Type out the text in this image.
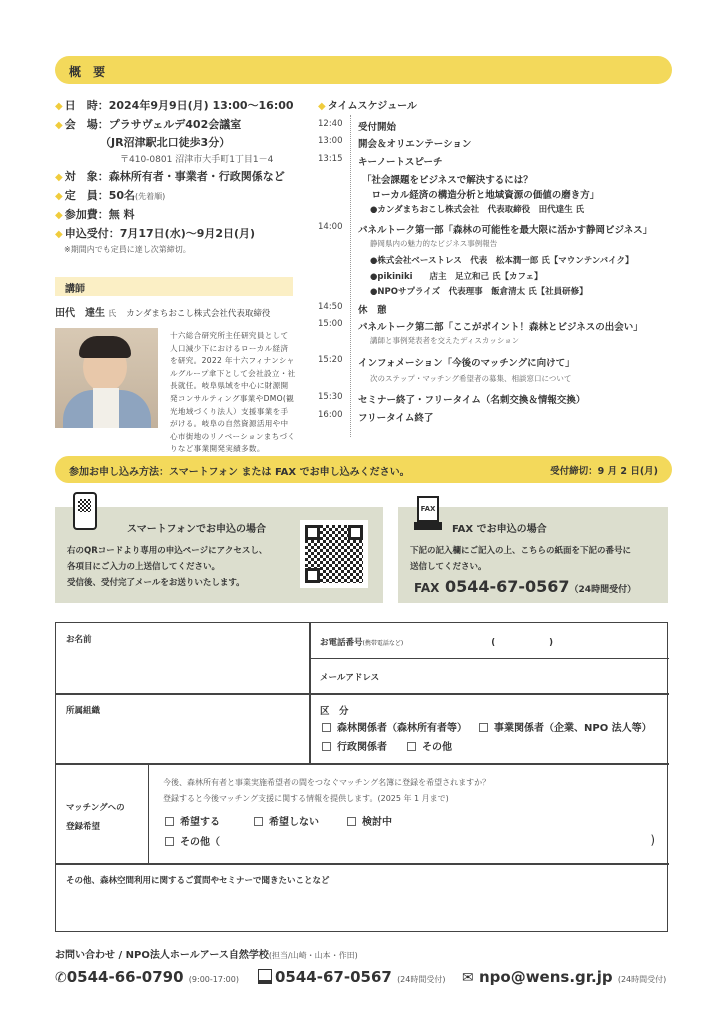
概 要
◆ 日　時：2024年9月9日(月) 13:00〜16:00
◆ 会　場：プラサヴェルデ402会議室
（JR沼津駅北口徒歩3分）
〒410-0801 沼津市大手町1丁目1－4
◆ 対　象：森林所有者・事業者・行政関係など
◆ 定　員：50名(先着順)
◆ 参加費：無 料
◆ 申込受付：7月17日(水)〜9月2日(月)
※期間内でも定員に達し次第締切。
講師
田代　達生 氏 カンダまちおこし株式会社代表取締役
十六総合研究所主任研究員として人口減少下におけるローカル経済を研究。2022 年十六フィナンシャルグループ傘下として会社設立・社長就任。岐阜県域を中心に財源開発コンサルティング事業やDMO(観光地域づくり法人）支援事業を手がける。岐阜の自然資源活用や中心市街地のリノベーションまちづくりなど事業開発実績多数。
◆ タイムスケジュール
12:40 受付開始
13:00 開会＆オリエンテーション
13:15 キーノートスピーチ
「社会課題をビジネスで解決するには？
　ローカル経済の構造分析と地域資源の価値の磨き方」
●カンダまちおこし株式会社　代表取締役　田代達生 氏
14:00 パネルトーク第一部「森林の可能性を最大限に活かす静岡ビジネス」
静岡県内の魅力的なビジネス事例報告
●株式会社ベーストレス　代表　松本潤一郎 氏【マウンテンバイク】
●pikiniki　　店主　足立和己 氏【カフェ】
●NPOサプライズ　代表理事　飯倉清太 氏【社員研修】
14:50 休　憩
15:00 パネルトーク第二部「ここがポイント！森林とビジネスの出会い」
講師と事例発表者を交えたディスカッション
15:20 インフォメーション「今後のマッチングに向けて」
次のステップ・マッチング希望者の募集、相談窓口について
15:30 セミナー終了・フリータイム（名刺交換＆情報交換）
16:00 フリータイム終了
参加お申し込み方法：スマートフォン または FAX でお申し込みください。	受付締切：9 月 2 日(月)
スマートフォンでお申込の場合
右のQRコードより専用の申込ページにアクセスし、
各項目にご入力の上送信してください。
受信後、受付完了メールをお送りいたします。
FAX でお申込の場合
下記の記入欄にご記入の上、こちらの紙面を下記の番号に
送信してください。
FAX 0544-67-0567（24時間受付）
FAX
お名前	お電話番号(携帯電話など)	(	)
メールアドレス
所属組織	区　分
森林関係者（森林所有者等）	事業関係者（企業、NPO 法人等）
行政関係者	その他
マッチングへの
登録希望
今後、森林所有者と事業実施希望者の間をつなぐマッチング名簿に登録を希望されますか？
登録すると今後マッチング支援に関する情報を提供します。(2025 年 1 月まで)
希望する	希望しない	検討中
その他（	)
その他、森林空間利用に関するご質問やセミナーで聞きたいことなど
お問い合わせ / NPO法人ホールアース自然学校(担当/山崎・山本・作田)
✆0544-66-0790 (9:00-17:00)	0544-67-0567 (24時間受付) ✉ npo@wens.gr.jp (24時間受付)
